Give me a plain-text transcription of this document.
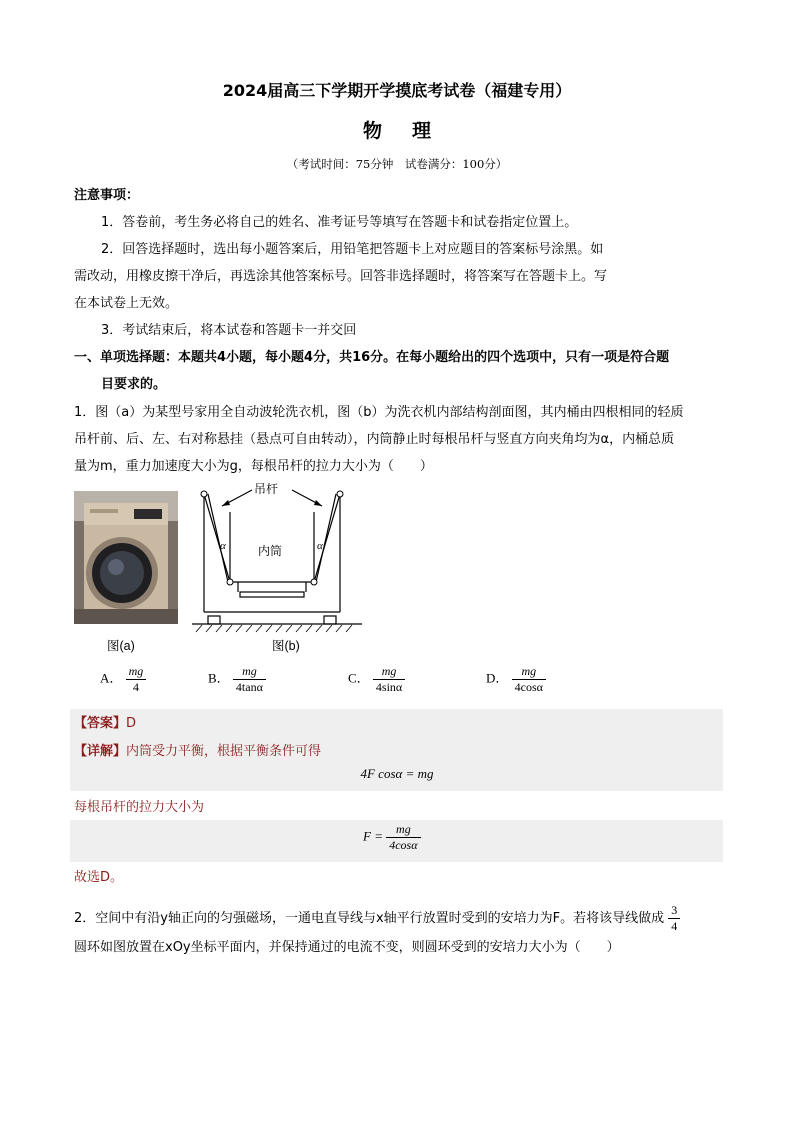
2024届高三下学期开学摸底考试卷（福建专用）
物理
（考试时间：75分钟　试卷满分：100分）
注意事项：
1．答卷前，考生务必将自己的姓名、准考证号等填写在答题卡和试卷指定位置上。
2．回答选择题时，选出每小题答案后，用铅笔把答题卡上对应题目的答案标号涂黑。如
需改动，用橡皮擦干净后，再选涂其他答案标号。回答非选择题时，将答案写在答题卡上。写
在本试卷上无效。
3．考试结束后，将本试卷和答题卡一并交回
一、单项选择题：本题共4小题，每小题4分，共16分。在每小题给出的四个选项中，只有一项是符合题
目要求的。
1．图（a）为某型号家用全自动波轮洗衣机，图（b）为洗衣机内部结构剖面图，其内桶由四根相同的轻质
吊杆前、后、左、右对称悬挂（悬点可自由转动），内筒静止时每根吊杆与竖直方向夹角均为α，内桶总质
量为m，重力加速度大小为g，每根吊杆的拉力大小为（　　）
图(a)
吊杆
内筒
α	α
图(b)
A． $\frac{mg}{4}$	B． $\frac{mg}{4\tan\alpha}$	C． $\frac{mg}{4\sin\alpha}$	D． $\frac{mg}{4\cos\alpha}$
【答案】D
【详解】内筒受力平衡，根据平衡条件可得
4F cosα = mg
每根吊杆的拉力大小为
$F = \frac{mg}{4\cos\alpha}$
故选D。
2．空间中有沿y轴正向的匀强磁场，一通电直导线与x轴平行放置时受到的安培力为F。若将该导线做成 $\frac{3}{4}$
圆环如图放置在xOy坐标平面内，并保持通过的电流不变，则圆环受到的安培力大小为（　　）
